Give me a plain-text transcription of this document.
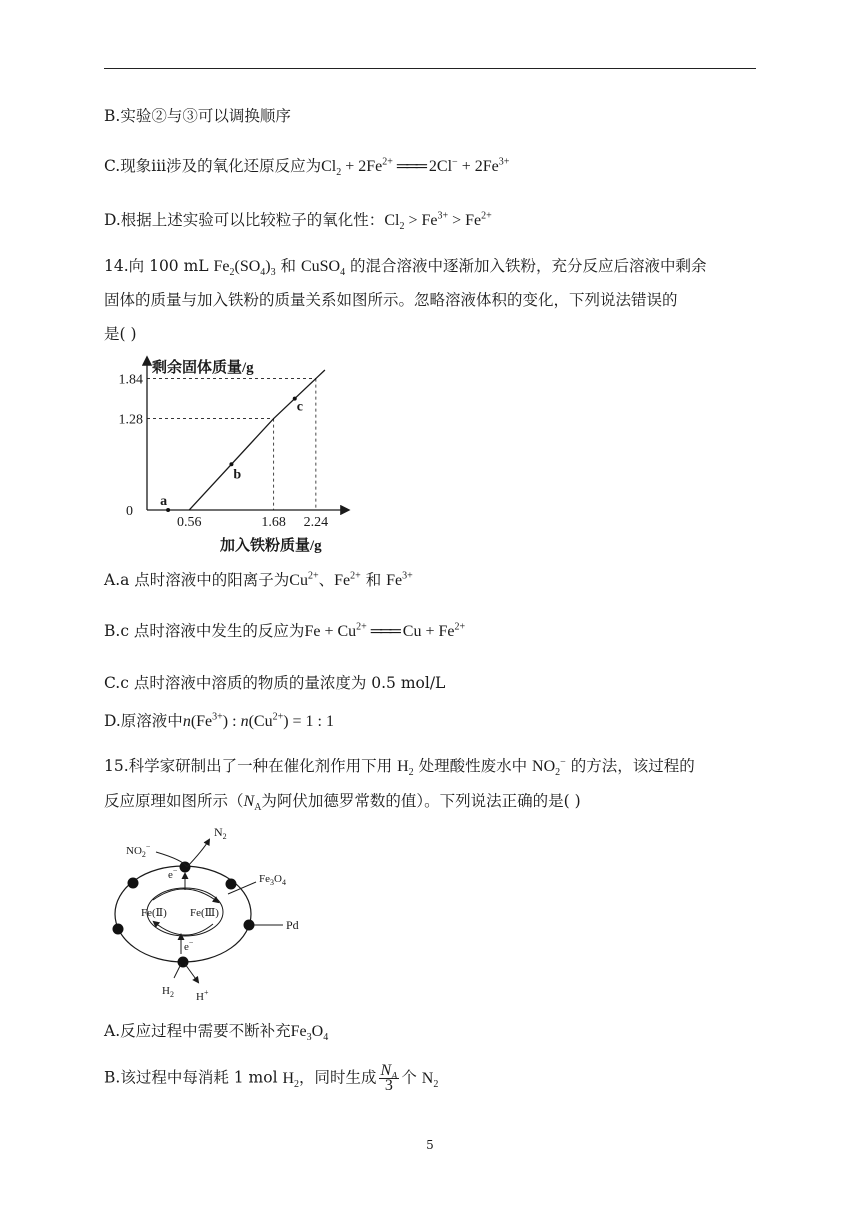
B.实验②与③可以调换顺序
C.现象iii涉及的氧化还原反应为$Cl_2 + 2Fe^{2+}$ ═══ $2Cl^- + 2Fe^{3+}$
D.根据上述实验可以比较粒子的氧化性：$Cl_2 > Fe^{3+} > Fe^{2+}$
14.向 100 mL $Fe_2(SO_4)_3$ 和 CuSO$_4$ 的混合溶液中逐渐加入铁粉，充分反应后溶液中剩余
固体的质量与加入铁粉的质量关系如图所示。忽略溶液体积的变化，下列说法错误的
是( )
a
b
c
0.56	1.68 2.24
0
1.28
1.84
剩余固体质量/g
加入铁粉质量/g
A.a 点时溶液中的阳离子为$Cu^{2+}$、$Fe^{2+}$ 和 $Fe^{3+}$
B.c 点时溶液中发生的反应为$Fe + Cu^{2+}$ ═══ $Cu + Fe^{2+}$
C.c 点时溶液中溶质的物质的量浓度为 0.5 mol/L
D.原溶液中$n(Fe^{3+})$ : $n(Cu^{2+}) = 1$ : 1
15.科学家研制出了一种在催化剂作用下用 $H_2$ 处理酸性废水中 $NO_2^-$ 的方法，该过程的
反应原理如图所示（$N_A$为阿伏加德罗常数的值）。下列说法正确的是( )
$NO_2^-$
$N_2$
$Fe_3O_4$
e−
Fe(Ⅱ) Fe(Ⅲ)
Pd
e−
$H_2$ H+
A.反应过程中需要不断补充$Fe_3O_4$
B.该过程中每消耗 1 mol $H_2$，同时生成 $\frac{N_A}{3}$ 个 $N_2$
5
